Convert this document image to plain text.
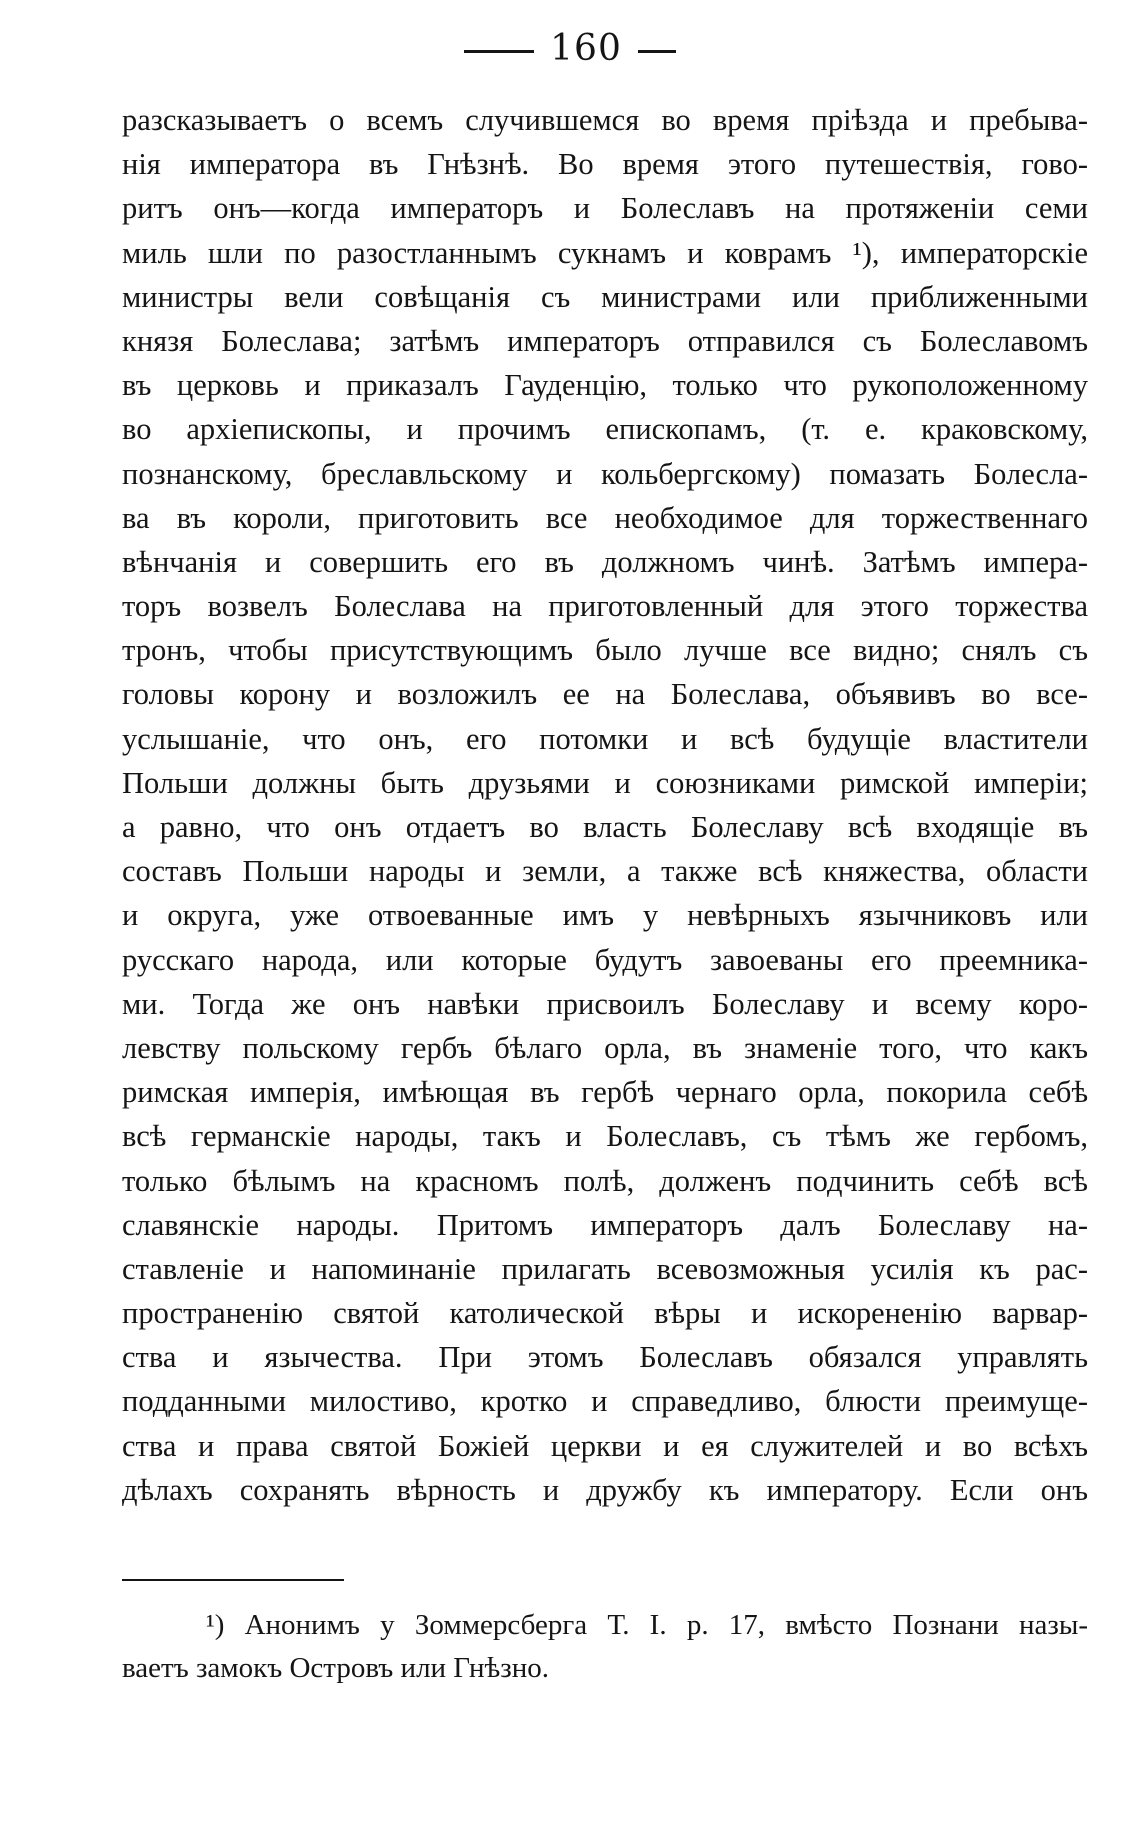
160
разсказываетъ о всемъ случившемся во время прiѣзда и пребыва-
нiя императора въ Гнѣзнѣ. Во время этого путешествiя, гово-
ритъ онъ—когда императоръ и Болеславъ на протяженiи семи
миль шли по разостланнымъ сукнамъ и коврамъ ¹), императорскiе
министры вели совѣщанiя съ министрами или приближенными
князя Болеслава; затѣмъ императоръ отправился съ Болеславомъ
въ церковь и приказалъ Гауденцiю, только что рукоположенному
во архiепископы, и прочимъ епископамъ, (т. е. краковскому,
познанскому, бреславльскому и кольбергскому) помазать Болесла-
ва въ короли, приготовить все необходимое для торжественнаго
вѣнчанiя и совершить его въ должномъ чинѣ. Затѣмъ импера-
торъ возвелъ Болеслава на приготовленный для этого торжества
тронъ, чтобы присутствующимъ было лучше все видно; снялъ съ
головы корону и возложилъ ее на Болеслава, объявивъ во все-
услышанiе, что онъ, его потомки и всѣ будущiе властители
Польши должны быть друзьями и союзниками римской имперiи;
а равно, что онъ отдаетъ во власть Болеславу всѣ входящiе въ
составъ Польши народы и земли, а также всѣ княжества, области
и округа, уже отвоеванные имъ у невѣрныхъ язычниковъ или
русскаго народа, или которые будутъ завоеваны его преемника-
ми. Тогда же онъ навѣки присвоилъ Болеславу и всему коро-
левству польскому гербъ бѣлаго орла, въ знаменiе того, что какъ
римская имперiя, имѣющая въ гербѣ чернаго орла, покорила себѣ
всѣ германскiе народы, такъ и Болеславъ, съ тѣмъ же гербомъ,
только бѣлымъ на красномъ полѣ, долженъ подчинить себѣ всѣ
славянскiе народы. Притомъ императоръ далъ Болеславу на-
ставленiе и напоминанiе прилагать всевозможныя усилiя къ рас-
пространенiю святой католической вѣры и искорененiю варвар-
ства и язычества. При этомъ Болеславъ обязался управлять
подданными милостиво, кротко и справедливо, блюсти преимуще-
ства и права святой Божiей церкви и ея служителей и во всѣхъ
дѣлахъ сохранять вѣрность и дружбу къ императору. Если онъ
¹) Анонимъ у Зоммерсберга Т. I. p. 17, вмѣсто Познани назы-
ваетъ замокъ Островъ или Гнѣзно.
